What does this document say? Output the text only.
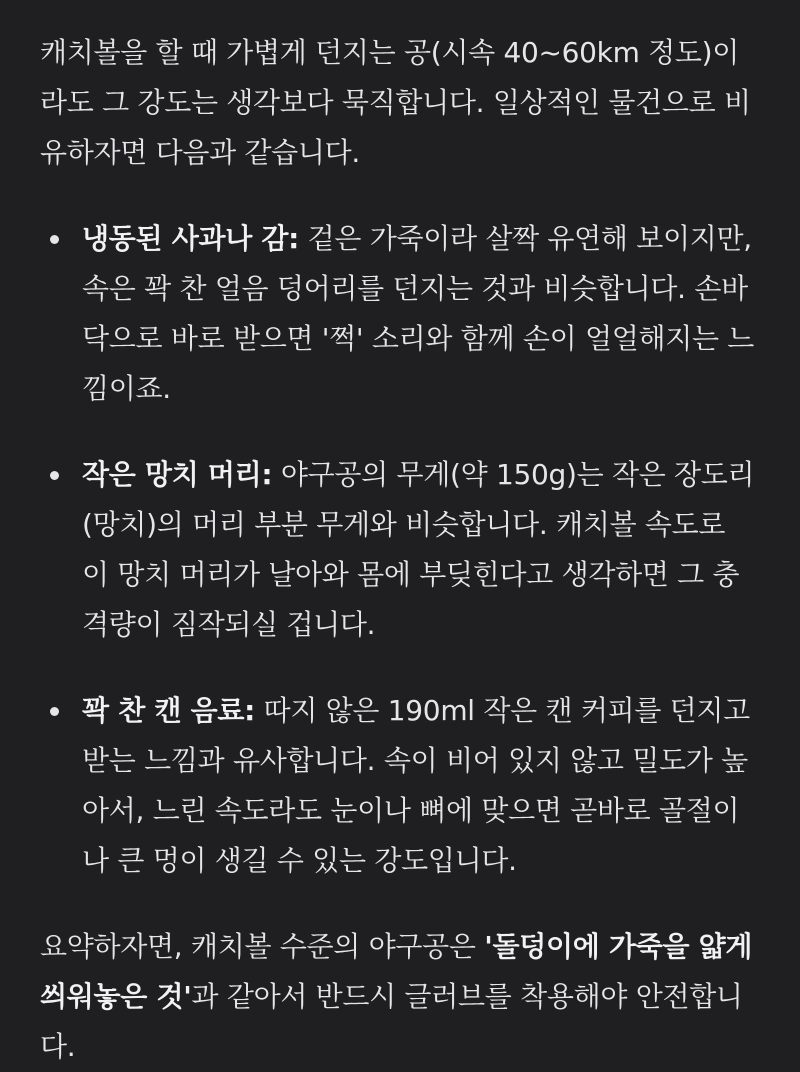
캐치볼을 할 때 가볍게 던지는 공(시속 40~60km 정도)이라도 그 강도는 생각보다 묵직합니다. 일상적인 물건으로 비유하자면 다음과 같습니다.

냉동된 사과나 감: 겉은 가죽이라 살짝 유연해 보이지만, 속은 꽉 찬 얼음 덩어리를 던지는 것과 비슷합니다. 손바닥으로 바로 받으면 '쩍' 소리와 함께 손이 얼얼해지는 느낌이죠.
작은 망치 머리: 야구공의 무게(약 150g)는 작은 장도리(망치)의 머리 부분 무게와 비슷합니다. 캐치볼 속도로 이 망치 머리가 날아와 몸에 부딪힌다고 생각하면 그 충격량이 짐작되실 겁니다.
꽉 찬 캔 음료: 따지 않은 190ml 작은 캔 커피를 던지고 받는 느낌과 유사합니다. 속이 비어 있지 않고 밀도가 높아서, 느린 속도라도 눈이나 뼈에 맞으면 곧바로 골절이나 큰 멍이 생길 수 있는 강도입니다.

요약하자면, 캐치볼 수준의 야구공은 '돌덩이에 가죽을 얇게 씌워놓은 것'과 같아서 반드시 글러브를 착용해야 안전합니다.
